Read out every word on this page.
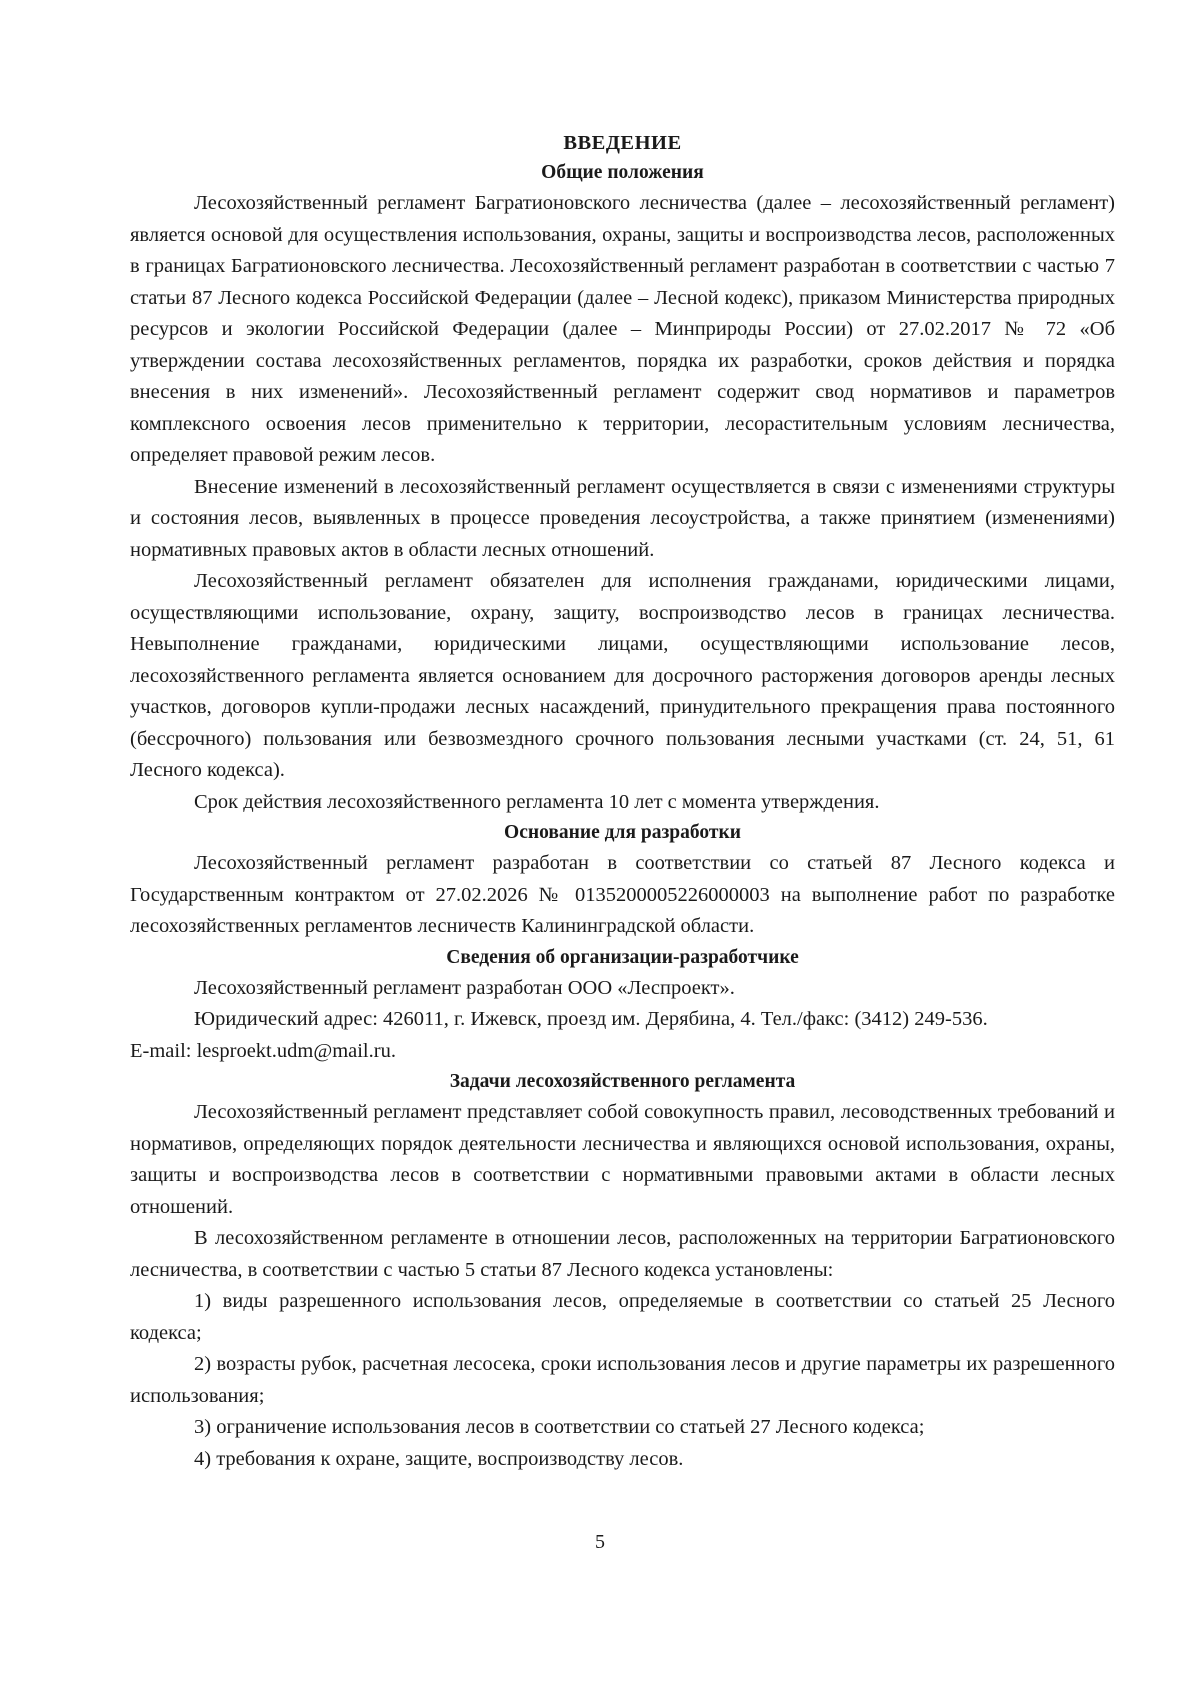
ВВЕДЕНИЕ
Общие положения

Лесохозяйственный регламент Багратионовского лесничества (далее – лесохозяйственный регламент) является основой для осуществления использования, охраны, защиты и воспроизводства лесов, расположенных в границах Багратионовского лесничества. Лесохозяйственный регламент разработан в соответствии с частью 7 статьи 87 Лесного кодекса Российской Федерации (далее – Лесной кодекс), приказом Министерства природных ресурсов и экологии Российской Федерации (далее – Минприроды России) от 27.02.2017 № 72 «Об утверждении состава лесохозяйственных регламентов, порядка их разработки, сроков действия и порядка внесения в них изменений». Лесохозяйственный регламент содержит свод нормативов и параметров комплексного освоения лесов применительно к территории, лесорастительным условиям лесничества, определяет правовой режим лесов.

Внесение изменений в лесохозяйственный регламент осуществляется в связи с изменениями структуры и состояния лесов, выявленных в процессе проведения лесоустройства, а также принятием (изменениями) нормативных правовых актов в области лесных отношений.

Лесохозяйственный регламент обязателен для исполнения гражданами, юридическими лицами, осуществляющими использование, охрану, защиту, воспроизводство лесов в границах лесничества. Невыполнение гражданами, юридическими лицами, осуществляющими использование лесов, лесохозяйственного регламента является основанием для досрочного расторжения договоров аренды лесных участков, договоров купли-продажи лесных насаждений, принудительного прекращения права постоянного (бессрочного) пользования или безвозмездного срочного пользования лесными участками (ст. 24, 51, 61 Лесного кодекса).

Срок действия лесохозяйственного регламента 10 лет с момента утверждения.

Основание для разработки

Лесохозяйственный регламент разработан в соответствии со статьей 87 Лесного кодекса и Государственным контрактом от 27.02.2026 № 0135200005226000003 на выполнение работ по разработке лесохозяйственных регламентов лесничеств Калининградской области.

Сведения об организации-разработчике

Лесохозяйственный регламент разработан ООО «Леспроект».

Юридический адрес: 426011, г. Ижевск, проезд им. Дерябина, 4. Тел./факс: (3412) 249-536.

E-mail: lesproekt.udm@mail.ru.

Задачи лесохозяйственного регламента

Лесохозяйственный регламент представляет собой совокупность правил, лесоводственных требований и нормативов, определяющих порядок деятельности лесничества и являющихся основой использования, охраны, защиты и воспроизводства лесов в соответствии с нормативными правовыми актами в области лесных отношений.

В лесохозяйственном регламенте в отношении лесов, расположенных на территории Багратионовского лесничества, в соответствии с частью 5 статьи 87 Лесного кодекса установлены:

1) виды разрешенного использования лесов, определяемые в соответствии со статьей 25 Лесного кодекса;

2) возрасты рубок, расчетная лесосека, сроки использования лесов и другие параметры их разрешенного использования;

3) ограничение использования лесов в соответствии со статьей 27 Лесного кодекса;

4) требования к охране, защите, воспроизводству лесов.

5
